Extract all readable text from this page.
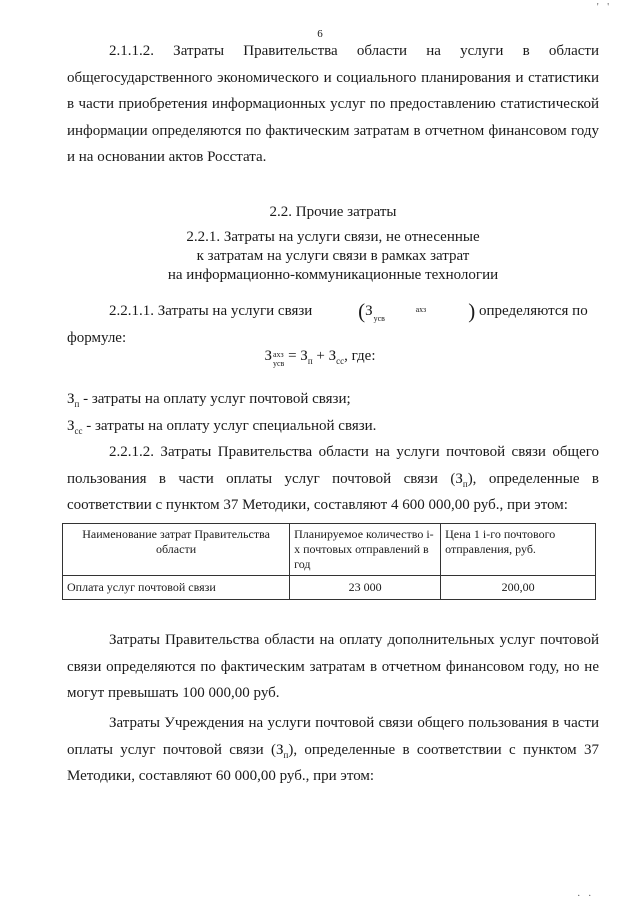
6
' '
. .
2.1.1.2. Затраты Правительства области на услуги в области общегосударственного экономического и социального планирования и статистики в части приобретения информационных услуг по предоставлению статистической информации определяются по фактическим затратам в отчетном финансовом году и на основании актов Росстата.
2.2. Прочие затраты
2.2.1. Затраты на услуги связи, не отнесенные
к затратам на услуги связи в рамках затрат
на информационно-коммуникационные технологии
2.2.1.1. Затраты на услуги связи (З	ахз
усв	) определяются по формуле:
Захз
усв = $З_п + З_{сс}$, где:
$З_п$ - затраты на оплату услуг почтовой связи;
$З_{сс}$ - затраты на оплату услуг специальной связи.
2.2.1.2. Затраты Правительства области на услуги почтовой связи общего пользования в части оплаты услуг почтовой связи $(З_п)$, определенные в соответствии с пунктом 37 Методики, составляют 4 600 000,00 руб., при этом:
Наименование затрат Правительства области	Планируемое количество i-х почтовых отправлений в год	Цена 1 i-го почтового отправления, руб.
Оплата услуг почтовой связи	23 000	200,00
Затраты Правительства области на оплату дополнительных услуг почтовой связи определяются по фактическим затратам в отчетном финансовом году, но не могут превышать 100 000,00 руб.
Затраты Учреждения на услуги почтовой связи общего пользования в части оплаты услуг почтовой связи $(З_п)$, определенные в соответствии с пунктом 37 Методики, составляют 60 000,00 руб., при этом:
